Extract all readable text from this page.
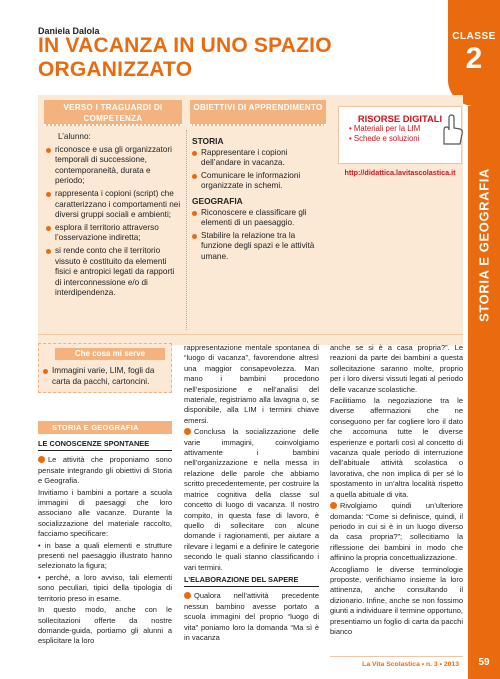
Daniela Dalola
IN VACANZA IN UNO SPAZIO ORGANIZZATO
CLASSE
2
STORIA E GEOGRAFIA
VERSO I TRAGUARDI DI COMPETENZA
OBIETTIVI DI APPRENDIMENTO
L’alunno:
riconosce e usa gli organizzatori temporali di successione, contemporaneità, durata e periodo;
rappresenta i copioni (script) che caratterizzano i comportamenti nei diversi gruppi sociali e ambienti;
esplora il territorio attraverso l’osservazione indiretta;
si rende conto che il territorio vissuto è costituito da elementi fisici e antropici legati da rapporti di interconnessione e/o di interdipendenza.
STORIA
Rappresentare i copioni dell’andare in vacanza.
Comunicare le informazioni organizzate in schemi.
GEOGRAFIA
Riconoscere e classificare gli elementi di un paesaggio.
Stabilire la relazione tra la funzione degli spazi e le attività umane.
RISORSE DIGITALI
• Materiali per la LIM
• Schede e soluzioni
http://didattica.lavitascolastica.it
Che cosa mi serve
Immagini varie, LIM, fogli da carta da pacchi, cartoncini.
STORIA E GEOGRAFIA
LE CONOSCENZE SPONTANEE

Le attività che proponiamo sono pensate integrando gli obiettivi di Storia e Geografia.

Invitiamo i bambini a portare a scuola immagini di paesaggi che loro associano alle vacanze. Durante la socializzazione del materiale raccolto, facciamo specificare:

• in base a quali elementi e strutture presenti nel paesaggio illustrato hanno selezionato la figura;

• perché, a loro avviso, tali elementi sono peculiari, tipici della tipologia di territorio preso in esame.

In questo modo, anche con le sollecitazioni offerte da nostre domande-guida, portiamo gli alunni a esplicitare la loro

rappresentazione mentale spontanea di “luogo di vacanza”, favorendone altresì una maggior consapevolezza. Man mano i bambini procedono nell’esposizione e nell’analisi del materiale, registriamo alla lavagna o, se disponibile, alla LIM i termini chiave emersi.

Conclusa la socializzazione delle varie immagini, coinvolgiamo attivamente i bambini nell’organizzazione e nella messa in relazione delle parole che abbiamo scritto precedentemente, per costruire la matrice cognitiva della classe sul concetto di luogo di vacanza. Il nostro compito, in questa fase di lavoro, è quello di sollecitare con alcune domande i ragionamenti, per aiutare a rilevare i legami e a definire le categorie secondo le quali stanno classificando i vari termini.

L’ELABORAZIONE DEL SAPERE

Qualora nell’attività precedente nessun bambino avesse portato a scuola immagini del proprio “luogo di vita” poniamo loro la domanda “Ma sì è in vacanza

anche se si è a casa propria?”. Le reazioni da parte dei bambini a questa sollecitazione saranno molte, proprio per i loro diversi vissuti legati al periodo delle vacanze scolastiche.

Facilitiamo la negoziazione tra le diverse affermazioni che ne conseguono per far cogliere loro il dato che accomuna tutte le diverse esperienze e portarli così al concetto di vacanza quale periodo di interruzione dell’abituale attività scolastica o lavorativa, che non implica di per sé lo spostamento in un’altra località rispetto a quella abituale di vita.

Rivolgiamo quindi un’ulteriore domanda: “Come si definisce, quindi, il periodo in cui si è in un luogo diverso da casa propria?”; sollecitiamo la riflessione dei bambini in modo che affinino la propria concettualizzazione.

Accogliamo le diverse terminologie proposte, verifichiamo insieme la loro attinenza, anche consultando il dizionario. Infine, anche se non fossimo giunti a individuare il termine opportuno, presentiamo un foglio di carta da pacchi bianco

La Vita Scolastica • n. 3 • 2013	59
